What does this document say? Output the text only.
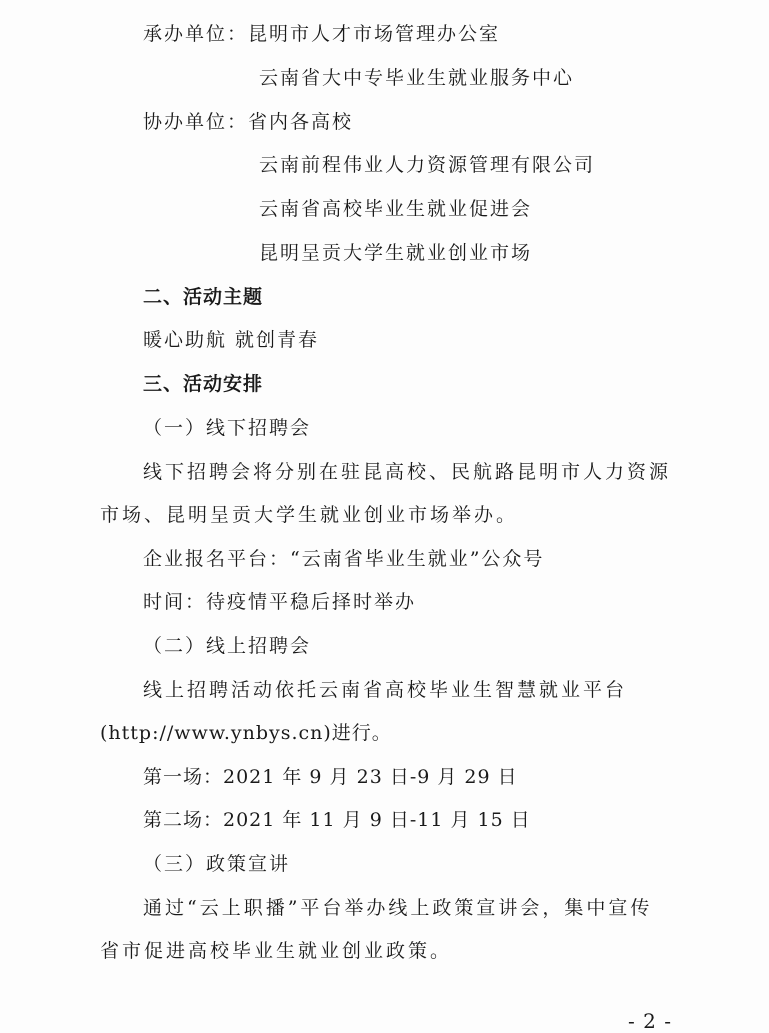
承办单位：昆明市人才市场管理办公室
云南省大中专毕业生就业服务中心
协办单位：省内各高校
云南前程伟业人力资源管理有限公司
云南省高校毕业生就业促进会
昆明呈贡大学生就业创业市场
二、活动主题
暖心助航 就创青春
三、活动安排
（一）线下招聘会
线下招聘会将分别在驻昆高校、民航路昆明市人力资源
市场、昆明呈贡大学生就业创业市场举办。
企业报名平台：“云南省毕业生就业”公众号
时间：待疫情平稳后择时举办
（二）线上招聘会
线上招聘活动依托云南省高校毕业生智慧就业平台
(http://www.ynbys.cn)进行。
第一场：2021 年 9 月 23 日-9 月 29 日
第二场：2021 年 11 月 9 日-11 月 15 日
（三）政策宣讲
通过“云上职播”平台举办线上政策宣讲会，集中宣传
省市促进高校毕业生就业创业政策。
- 2 -
